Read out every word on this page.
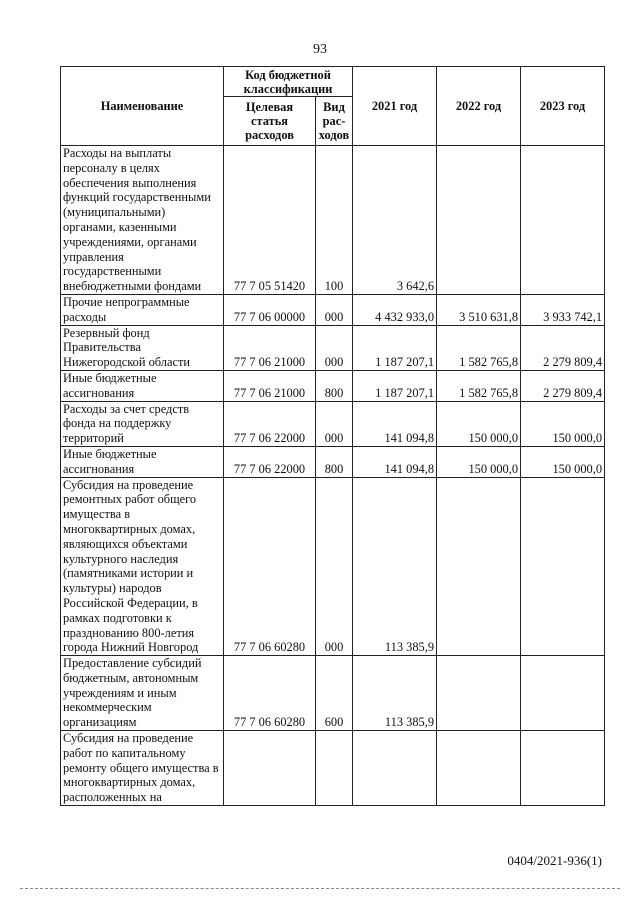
93
Наименование	Код бюджетной классификации		2021 год	2022 год	2023 год
	Целевая статья расходов	Вид рас-ходов			
Расходы на выплаты персоналу в целях обеспечения выполнения функций государственными (муниципальными) органами, казенными учреждениями, органами управления государственными внебюджетными фондами	77 7 05 51420	100	3 642,6		
Прочие непрограммные расходы	77 7 06 00000	000	4 432 933,0	3 510 631,8	3 933 742,1
Резервный фонд Правительства Нижегородской области	77 7 06 21000	000	1 187 207,1	1 582 765,8	2 279 809,4
Иные бюджетные ассигнования	77 7 06 21000	800	1 187 207,1	1 582 765,8	2 279 809,4
Расходы за счет средств фонда на поддержку территорий	77 7 06 22000	000	141 094,8	150 000,0	150 000,0
Иные бюджетные ассигнования	77 7 06 22000	800	141 094,8	150 000,0	150 000,0
Субсидия на проведение ремонтных работ общего имущества в многоквартирных домах, являющихся объектами культурного наследия (памятниками истории и культуры) народов Российской Федерации, в рамках подготовки к празднованию 800-летия города Нижний Новгород	77 7 06 60280	000	113 385,9		
Предоставление субсидий бюджетным, автономным учреждениям и иным некоммерческим организациям	77 7 06 60280	600	113 385,9		
Субсидия на проведение работ по капитальному ремонту общего имущества в многоквартирных домах, расположенных на					
0404/2021-936(1)
